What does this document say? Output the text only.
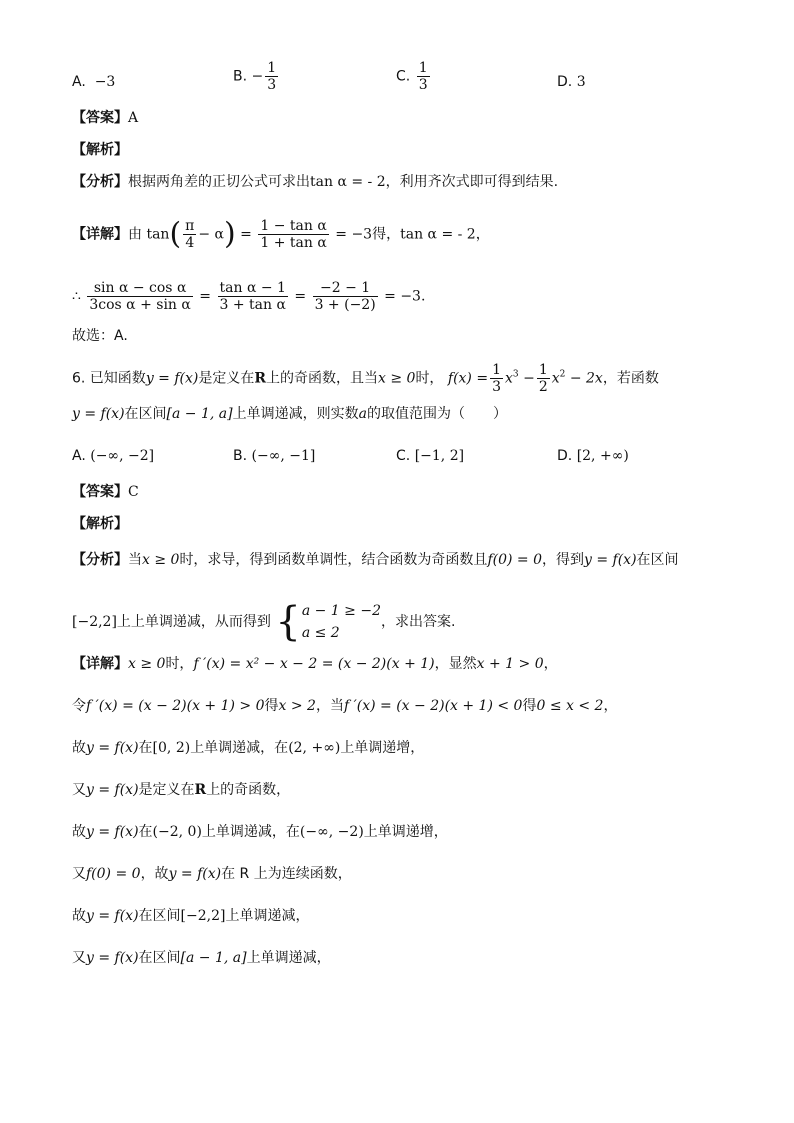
A. −3	B. − $\frac{1}{3}$	C. $\frac{1}{3}$	D. 3
【答案】A
【解析】
【分析】根据两角差的正切公式可求出tan α = - 2，利用齐次式即可得到结果.
【详解】由 $\tan( \frac{\pi}{4} - \alpha) = \frac{\text{1 − tan α}}{\text{1 + tan α}} = -3$得，tan α = - 2，
∴ $\frac{\text{sin α − cos α}}{\text{3cos α + sin α}} = \frac{\text{tan α − 1}}{\text{3 + tan α}} = \frac{-2 - 1}{3 + (-2)} = -3$.
故选：A.
6. 已知函数y = f(x)是定义在R上的奇函数，且当x ≥ 0时， $f(x) = \frac{1}{3} x^3 - \frac{1}{2} x^2 - 2x$，若函数
y = f(x)在区间[a − 1, a]上单调递减，则实数a的取值范围为（　　）
A. (−∞, −2]	B. (−∞, −1]	C. [−1, 2]	D. [2, +∞)
【答案】C
【解析】
【分析】当x ≥ 0时，求导，得到函数单调性，结合函数为奇函数且f(0) = 0，得到y = f(x)在区间
[−2,2]上上单调递减，从而得到 { a − 1 ≥ −2
a ≤ 2
，求出答案.
【详解】x ≥ 0时，f ′(x) = x² − x − 2 = (x − 2)(x + 1)，显然x + 1 > 0，
令f ′(x) = (x − 2)(x + 1) > 0得x > 2，当f ′(x) = (x − 2)(x + 1) < 0得0 ≤ x < 2，
故y = f(x)在[0, 2)上单调递减，在(2, +∞)上单调递增，
又y = f(x)是定义在R上的奇函数，
故y = f(x)在(−2, 0)上单调递减，在(−∞, −2)上单调递增，
又f(0) = 0，故y = f(x)在 R 上为连续函数，
故y = f(x)在区间[−2,2]上单调递减，
又y = f(x)在区间[a − 1, a]上单调递减，
